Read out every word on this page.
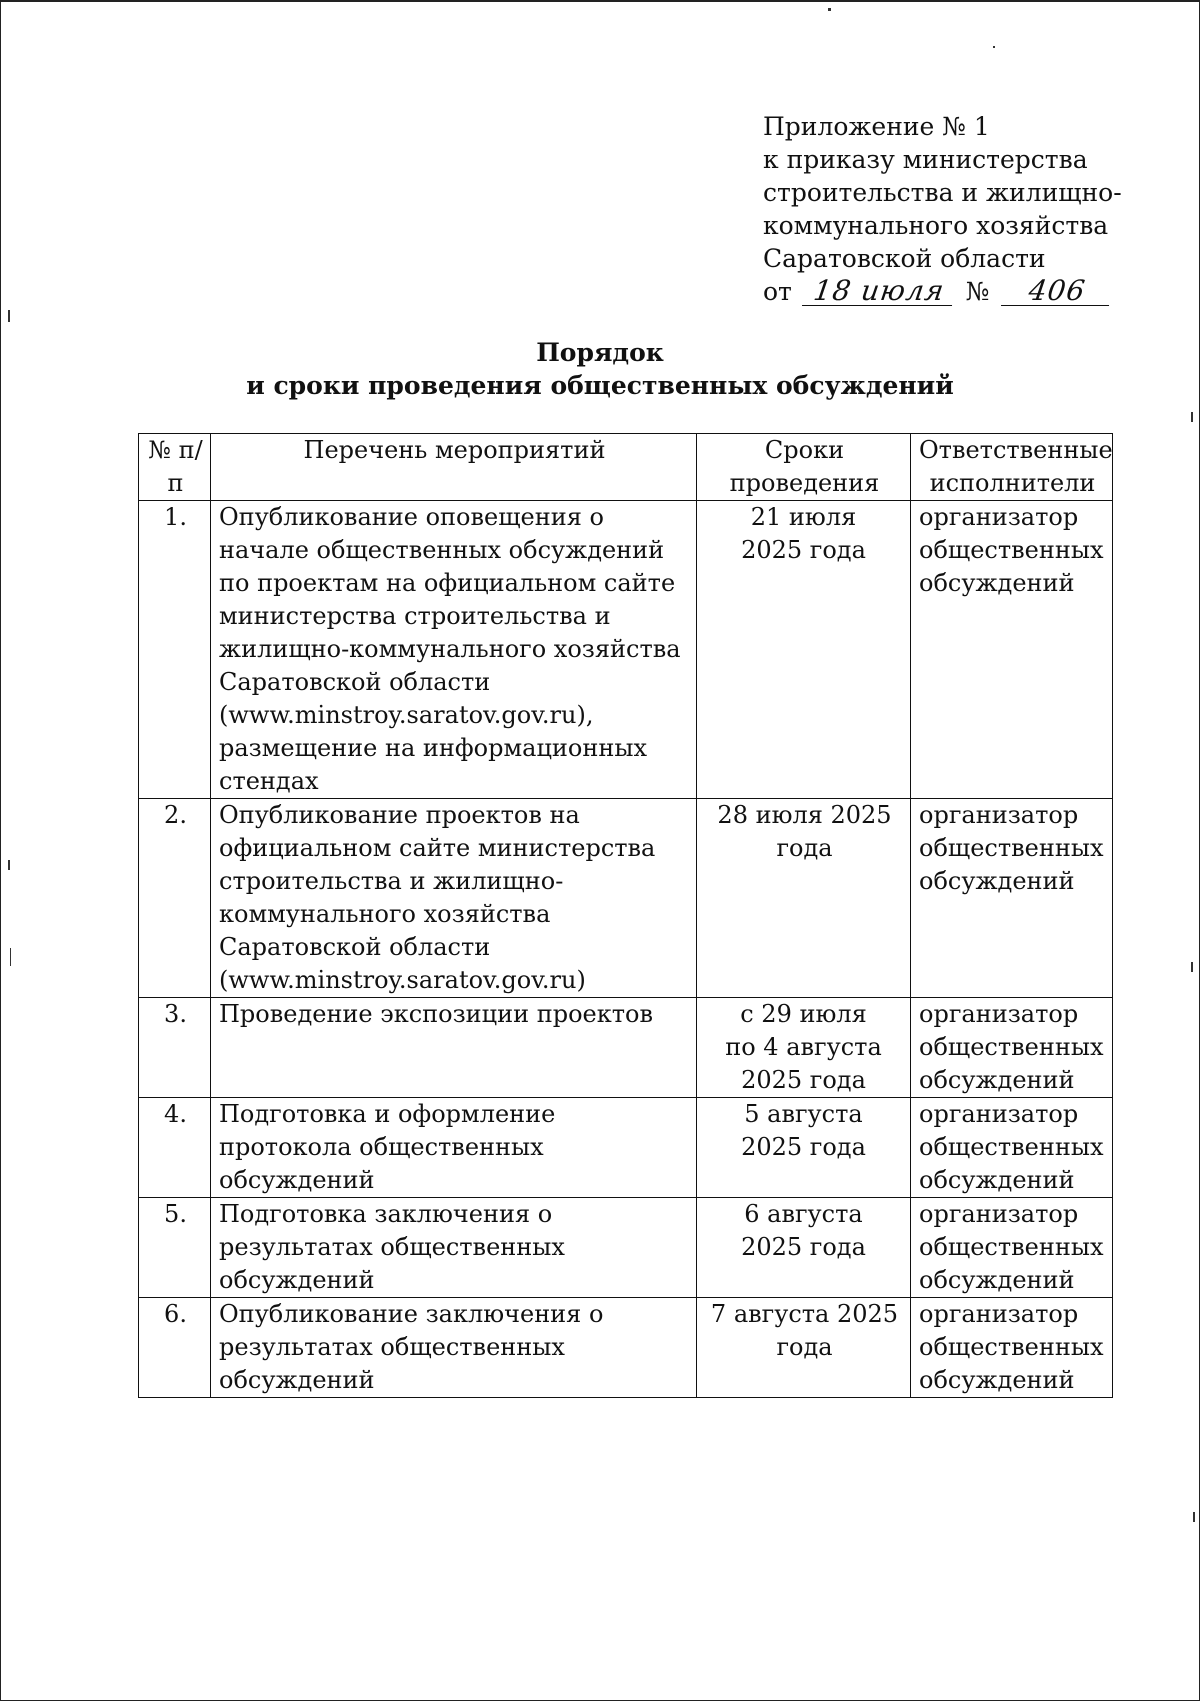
Приложение № 1
к приказу министерства
строительства и жилищно-
коммунального хозяйства
Саратовской области
от 18 июля № 406
Порядок
и сроки проведения общественных обсуждений
№ п/п	Перечень мероприятий	Сроки проведения	Ответственные исполнители
1.	Опубликование оповещения о начале общественных обсуждений по проектам на официальном сайте министерства строительства и жилищно-коммунального хозяйства Саратовской области (www.minstroy.saratov.gov.ru), размещение на информационных стендах	21 июля 2025 года	организатор общественных обсуждений
2.	Опубликование проектов на официальном сайте министерства строительства и жилищно-коммунального хозяйства Саратовской области (www.minstroy.saratov.gov.ru)	28 июля 2025 года	организатор общественных обсуждений
3.	Проведение экспозиции проектов	с 29 июля по 4 августа 2025 года	организатор общественных обсуждений
4.	Подготовка и оформление протокола общественных обсуждений	5 августа 2025 года	организатор общественных обсуждений
5.	Подготовка заключения о результатах общественных обсуждений	6 августа 2025 года	организатор общественных обсуждений
6.	Опубликование заключения о результатах общественных обсуждений	7 августа 2025 года	организатор общественных обсуждений
